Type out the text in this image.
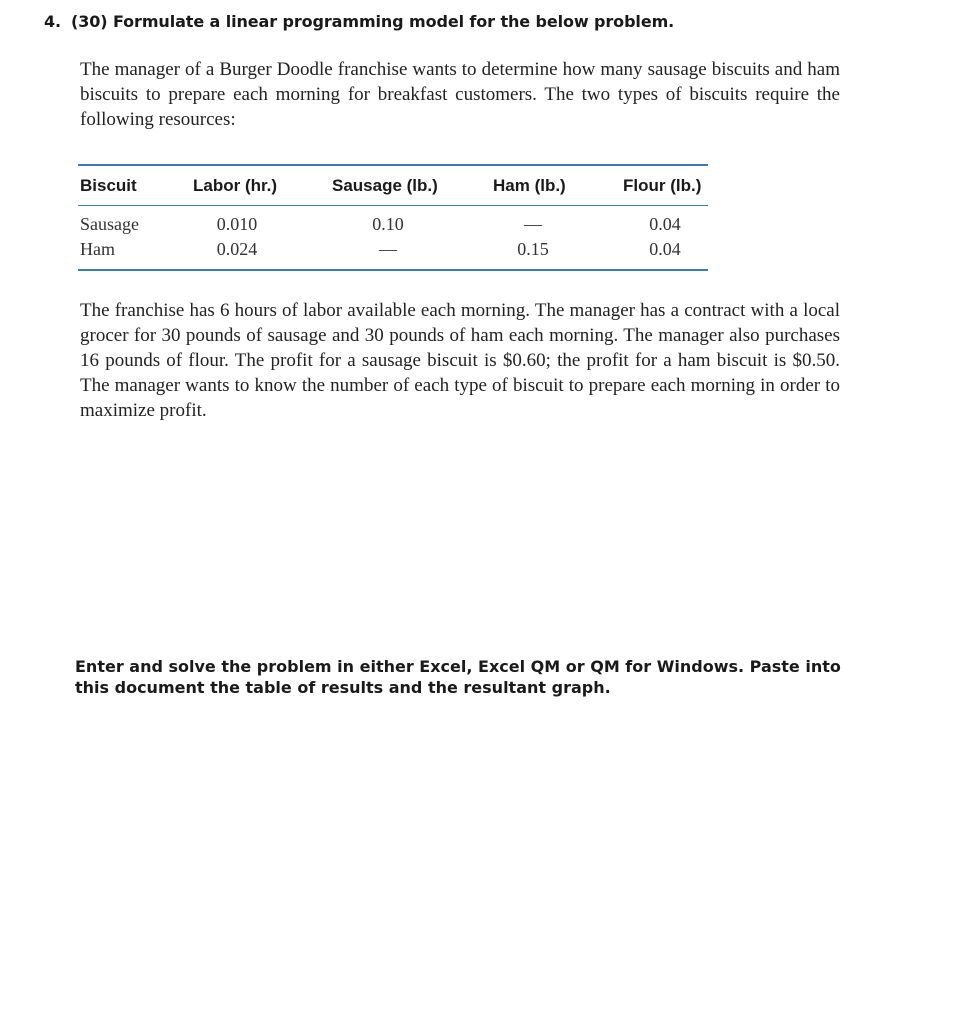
4. (30) Formulate a linear programming model for the below problem.

The manager of a Burger Doodle franchise wants to determine how many sausage biscuits and ham biscuits to prepare each morning for breakfast customers. The two types of biscuits require the following resources:

Biscuit	Labor (hr.)	Sausage (lb.)	Ham (lb.)	Flour (lb.)
Sausage	0.010	0.10	—	0.04
Ham	0.024	—	0.15	0.04

The franchise has 6 hours of labor available each morning. The manager has a contract with a local grocer for 30 pounds of sausage and 30 pounds of ham each morning. The manager also purchases 16 pounds of flour. The profit for a sausage biscuit is $0.60; the profit for a ham biscuit is $0.50. The manager wants to know the number of each type of biscuit to prepare each morning in order to maximize profit.

Enter and solve the problem in either Excel, Excel QM or QM for Windows. Paste into this document the table of results and the resultant graph.
